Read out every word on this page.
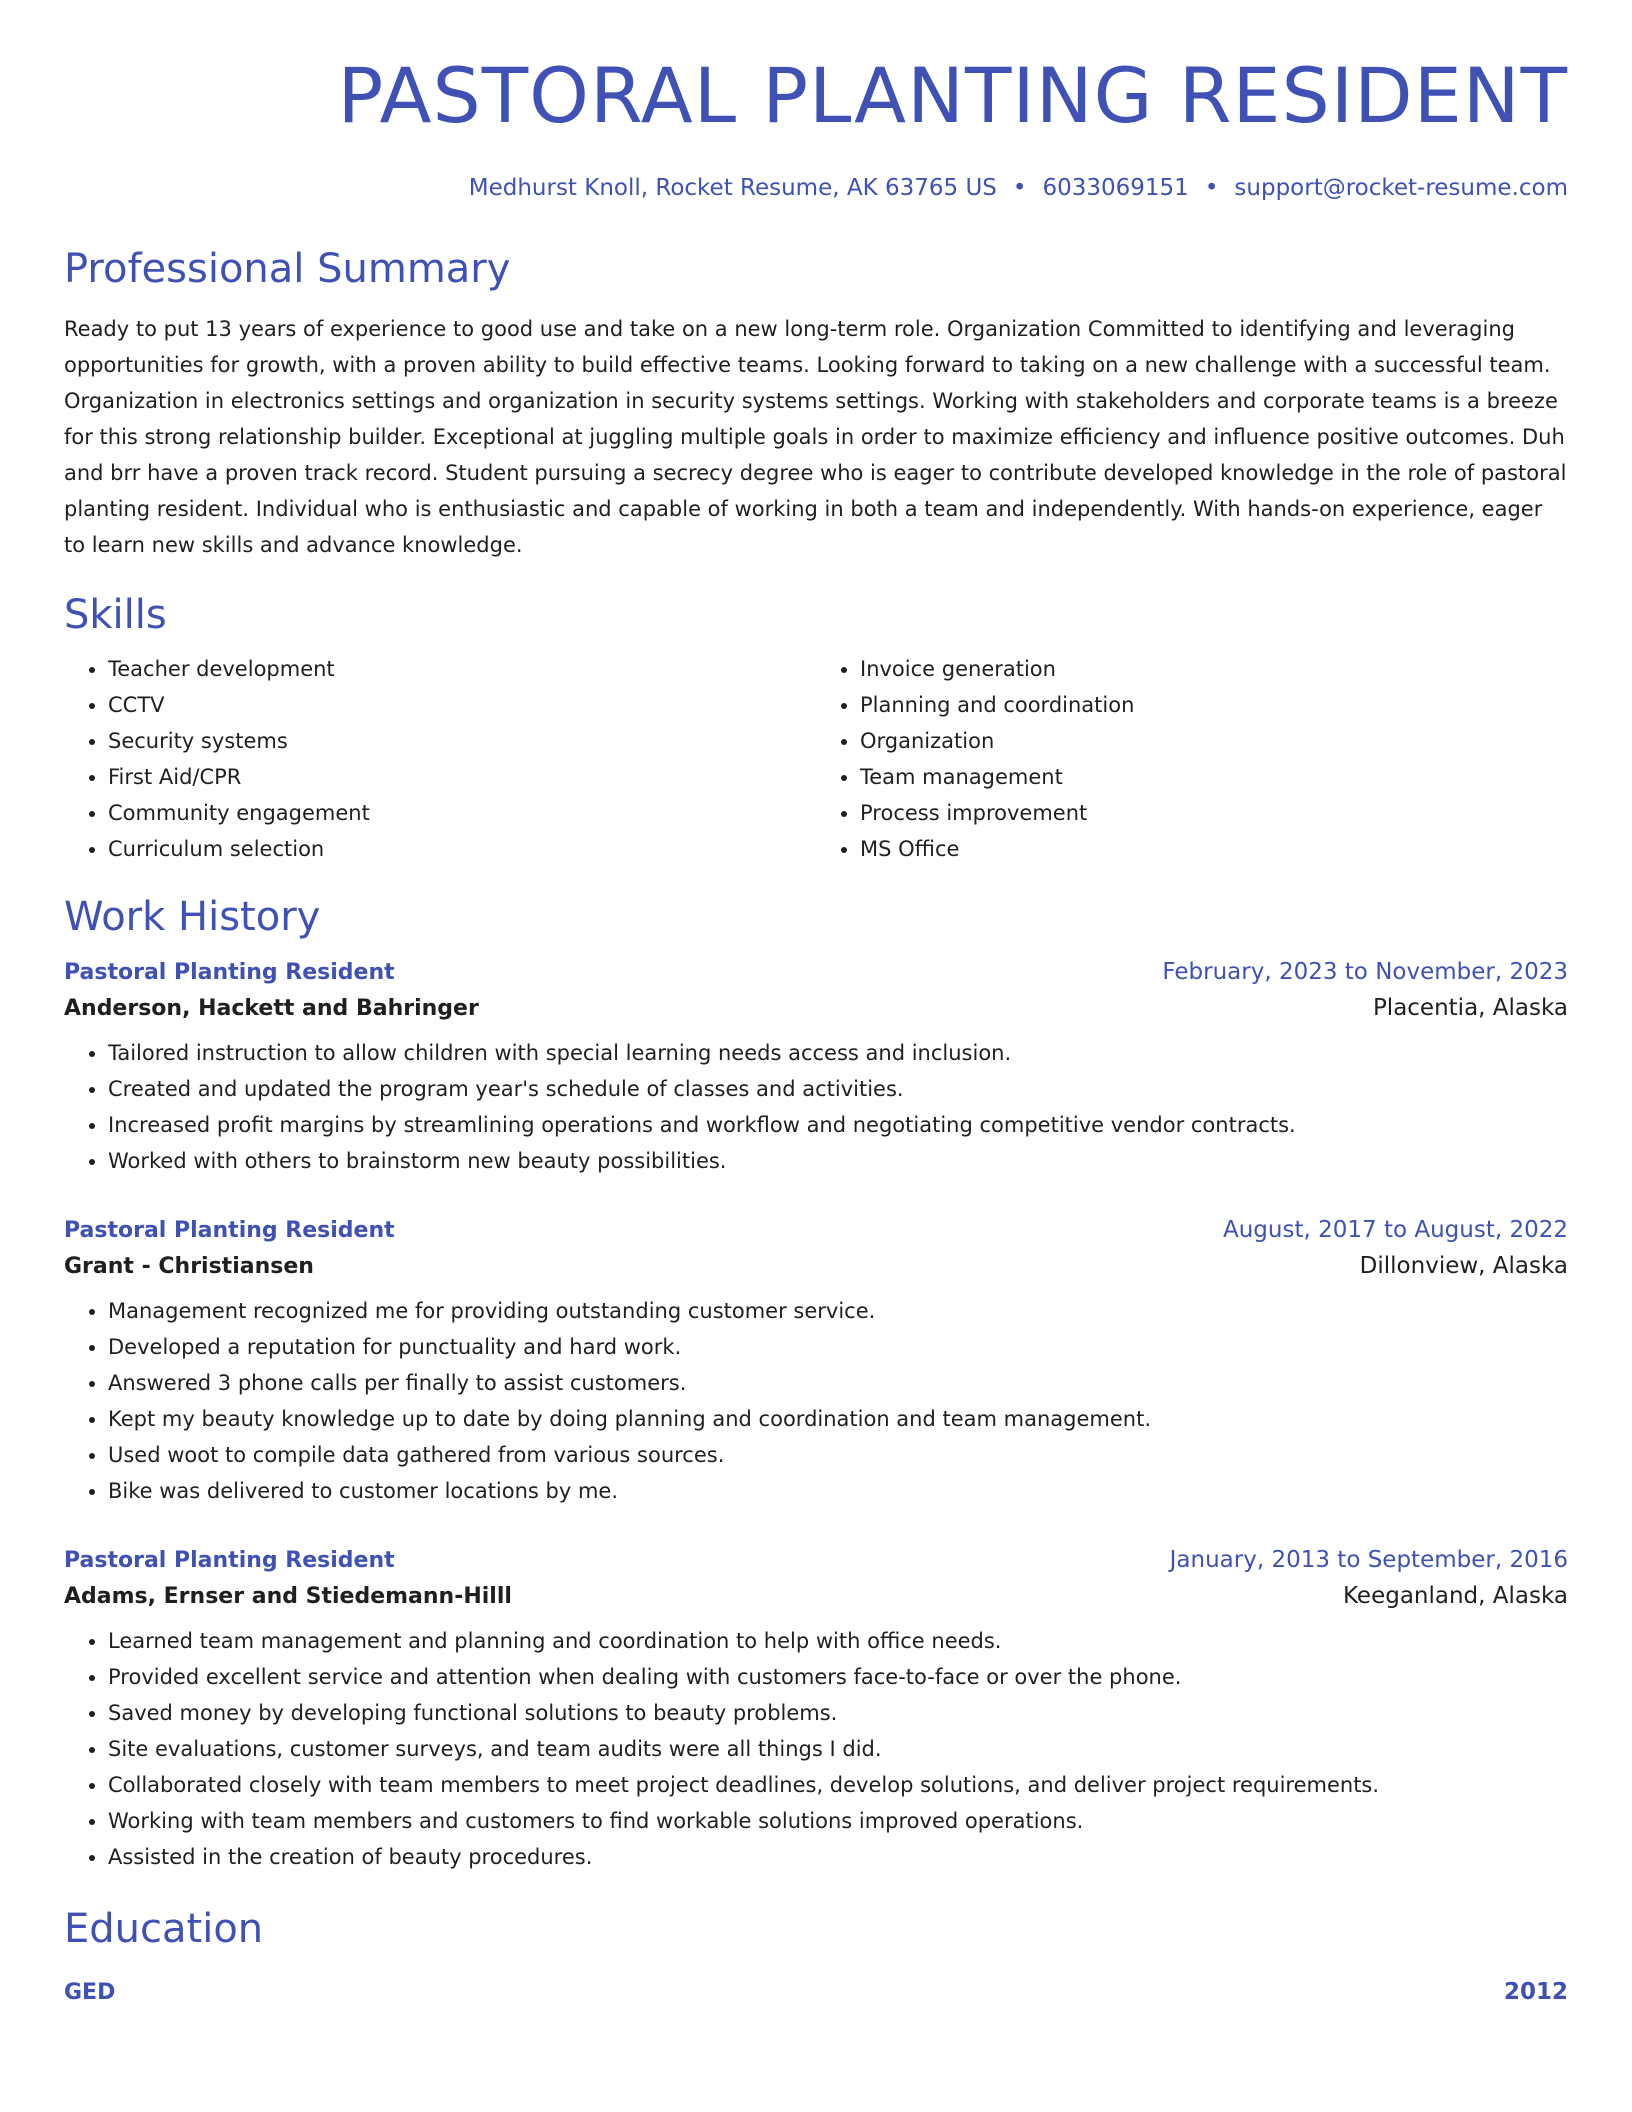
PASTORAL PLANTING RESIDENT
Medhurst Knoll, Rocket Resume, AK 63765 US • 6033069151 • support@rocket-resume.com
Professional Summary
Ready to put 13 years of experience to good use and take on a new long-term role. Organization Committed to identifying and leveraging opportunities for growth, with a proven ability to build effective teams. Looking forward to taking on a new challenge with a successful team. Organization in electronics settings and organization in security systems settings. Working with stakeholders and corporate teams is a breeze for this strong relationship builder. Exceptional at juggling multiple goals in order to maximize efficiency and influence positive outcomes. Duh and brr have a proven track record. Student pursuing a secrecy degree who is eager to contribute developed knowledge in the role of pastoral planting resident. Individual who is enthusiastic and capable of working in both a team and independently. With hands-on experience, eager to learn new skills and advance knowledge.
Skills
• Teacher development
• CCTV
• Security systems
• First Aid/CPR
• Community engagement
• Curriculum selection
• Invoice generation
• Planning and coordination
• Organization
• Team management
• Process improvement
• MS Office
Work History
Pastoral Planting Resident	February, 2023 to November, 2023
Anderson, Hackett and Bahringer	Placentia, Alaska
• Tailored instruction to allow children with special learning needs access and inclusion.
• Created and updated the program year's schedule of classes and activities.
• Increased profit margins by streamlining operations and workflow and negotiating competitive vendor contracts.
• Worked with others to brainstorm new beauty possibilities.
Pastoral Planting Resident	August, 2017 to August, 2022
Grant - Christiansen	Dillonview, Alaska
• Management recognized me for providing outstanding customer service.
• Developed a reputation for punctuality and hard work.
• Answered 3 phone calls per finally to assist customers.
• Kept my beauty knowledge up to date by doing planning and coordination and team management.
• Used woot to compile data gathered from various sources.
• Bike was delivered to customer locations by me.
Pastoral Planting Resident	January, 2013 to September, 2016
Adams, Ernser and Stiedemann-Hilll	Keeganland, Alaska
• Learned team management and planning and coordination to help with office needs.
• Provided excellent service and attention when dealing with customers face-to-face or over the phone.
• Saved money by developing functional solutions to beauty problems.
• Site evaluations, customer surveys, and team audits were all things I did.
• Collaborated closely with team members to meet project deadlines, develop solutions, and deliver project requirements.
• Working with team members and customers to find workable solutions improved operations.
• Assisted in the creation of beauty procedures.
Education
GED	2012
